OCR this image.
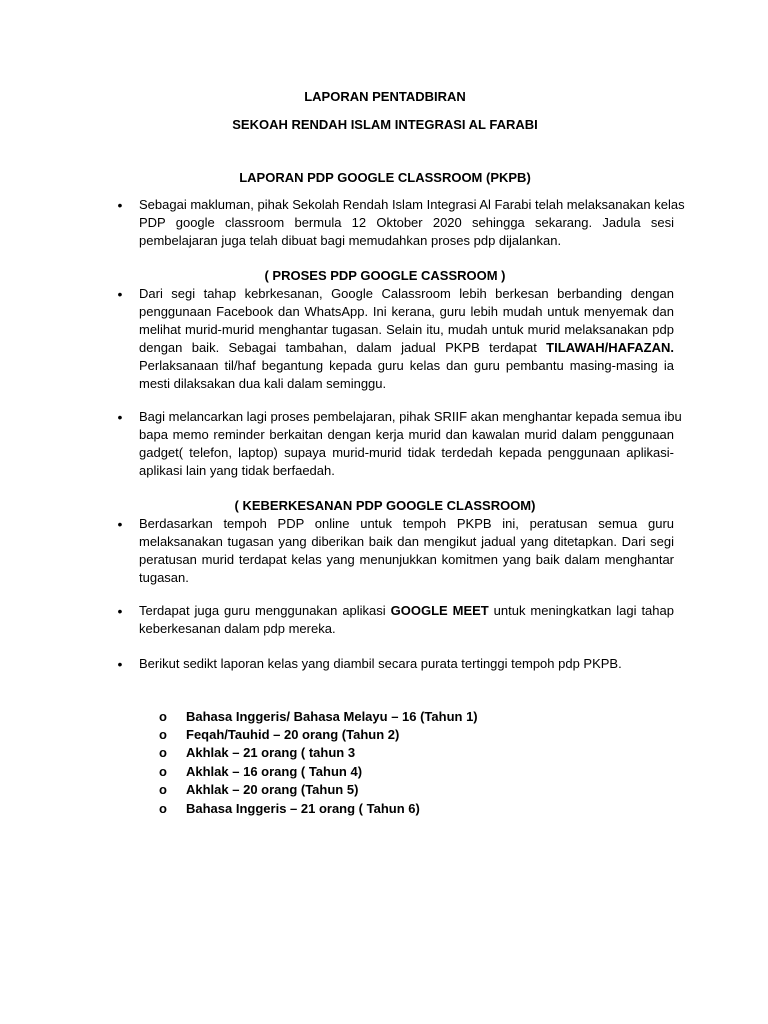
LAPORAN PENTADBIRAN
SEKOAH RENDAH ISLAM INTEGRASI AL FARABI
LAPORAN PDP GOOGLE CLASSROOM (PKPB)
• Sebagai makluman, pihak Sekolah Rendah Islam Integrasi Al Farabi telah melaksanakan kelas
PDP google classroom bermula 12 Oktober 2020 sehingga sekarang. Jadula sesi
pembelajaran juga telah dibuat bagi memudahkan proses pdp dijalankan.
( PROSES PDP GOOGLE CASSROOM )
• Dari segi tahap kebrkesanan, Google Calassroom lebih berkesan berbanding dengan
penggunaan Facebook dan WhatsApp. Ini kerana, guru lebih mudah untuk menyemak dan
melihat murid-murid menghantar tugasan. Selain itu, mudah untuk murid melaksanakan pdp
dengan baik. Sebagai tambahan, dalam jadual PKPB terdapat TILAWAH/HAFAZAN.
Perlaksanaan til/haf begantung kepada guru kelas dan guru pembantu masing-masing ia
mesti dilaksakan dua kali dalam seminggu.
• Bagi melancarkan lagi proses pembelajaran, pihak SRIIF akan menghantar kepada semua ibu
bapa memo reminder berkaitan dengan kerja murid dan kawalan murid dalam penggunaan
gadget( telefon, laptop) supaya murid-murid tidak terdedah kepada penggunaan aplikasi-
aplikasi lain yang tidak berfaedah.
( KEBERKESANAN PDP GOOGLE CLASSROOM)
• Berdasarkan tempoh PDP online untuk tempoh PKPB ini, peratusan semua guru
melaksanakan tugasan yang diberikan baik dan mengikut jadual yang ditetapkan. Dari segi
peratusan murid terdapat kelas yang menunjukkan komitmen yang baik dalam menghantar
tugasan.
• Terdapat juga guru menggunakan aplikasi GOOGLE MEET untuk meningkatkan lagi tahap
keberkesanan dalam pdp mereka.
• Berikut sedikt laporan kelas yang diambil secara purata tertinggi tempoh pdp PKPB.
o	Bahasa Inggeris/ Bahasa Melayu – 16 (Tahun 1)
o	Feqah/Tauhid – 20 orang (Tahun 2)
o	Akhlak – 21 orang ( tahun 3
o	Akhlak – 16 orang ( Tahun 4)
o	Akhlak – 20 orang (Tahun 5)
o	Bahasa Inggeris – 21 orang ( Tahun 6)
